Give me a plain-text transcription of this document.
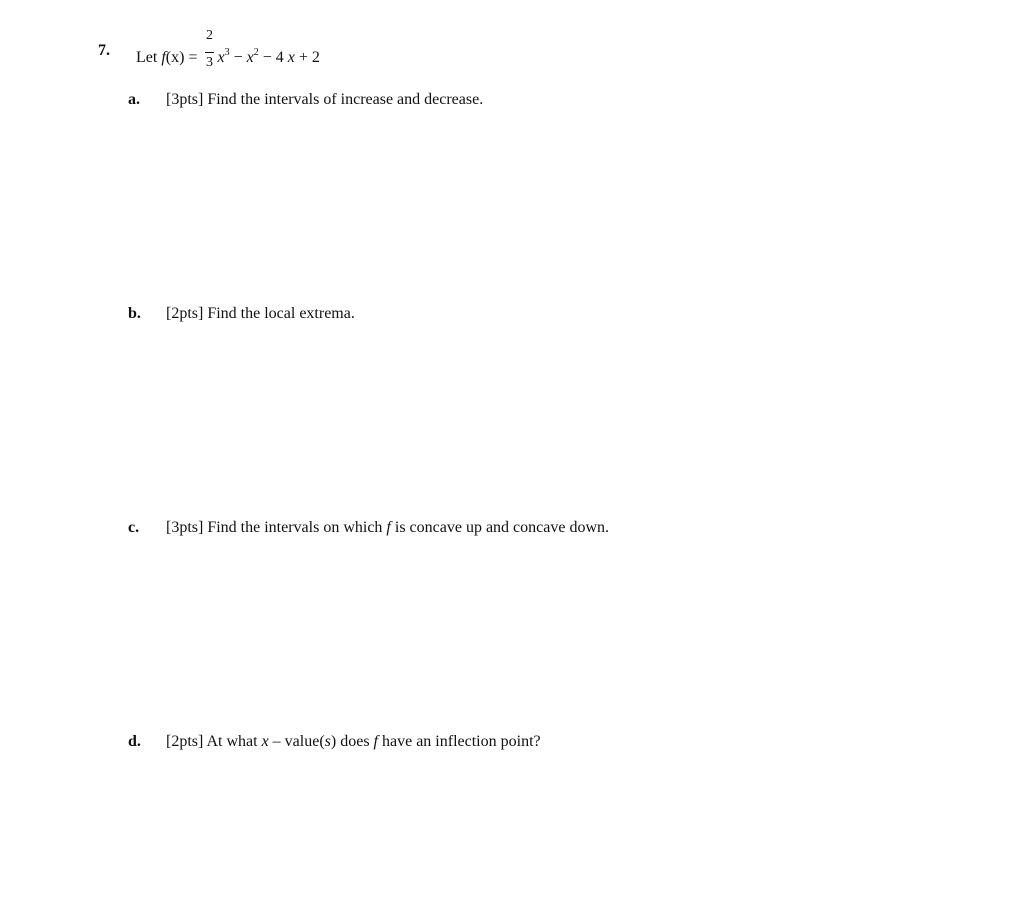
7. Let $f(x) = \frac{2}{3} x^3 - x^2 - 4$ x + 2
a. [3pts] Find the intervals of increase and decrease.
b. [2pts] Find the local extrema.
c. [3pts] Find the intervals on which f is concave up and concave down.
d. [2pts] At what x – value(s) does f have an inflection point?
